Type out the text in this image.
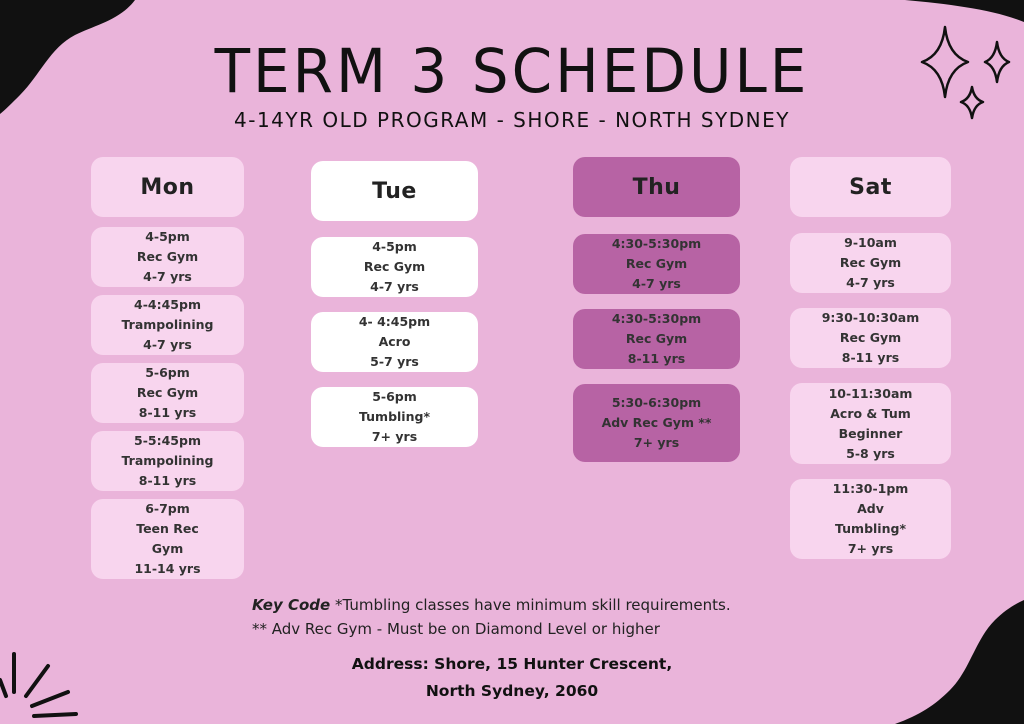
TERM 3 SCHEDULE
4-14YR OLD PROGRAM - SHORE - NORTH SYDNEY
Mon
4-5pm
Rec Gym
4-7 yrs
4-4:45pm
Trampolining
4-7 yrs
5-6pm
Rec Gym
8-11 yrs
5-5:45pm
Trampolining
8-11 yrs
6-7pm
Teen Rec
Gym
11-14 yrs
Tue
4-5pm
Rec Gym
4-7 yrs
4- 4:45pm
Acro
5-7 yrs
5-6pm
Tumbling*
7+ yrs
Thu
4:30-5:30pm
Rec Gym
4-7 yrs
4:30-5:30pm
Rec Gym
8-11 yrs
5:30-6:30pm
Adv Rec Gym **
7+ yrs
Sat
9-10am
Rec Gym
4-7 yrs
9:30-10:30am
Rec Gym
8-11 yrs
10-11:30am
Acro & Tum
Beginner
5-8 yrs
11:30-1pm
Adv
Tumbling*
7+ yrs
Key Code *Tumbling classes have minimum skill requirements.
** Adv Rec Gym - Must be on Diamond Level or higher
Address: Shore, 15 Hunter Crescent,
North Sydney, 2060
